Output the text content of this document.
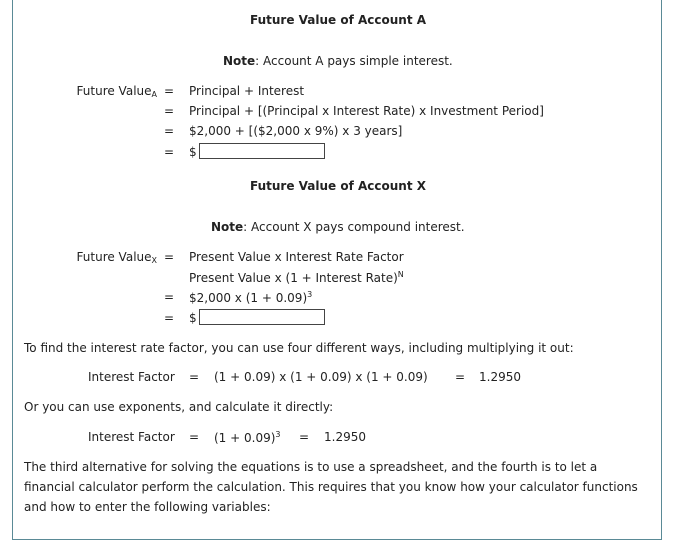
Future Value of Account A
Note: Account A pays simple interest.
Future Value$_A$ = Principal + Interest
= Principal + [(Principal x Interest Rate) x Investment Period]
= $2,000 + [($2,000 x 9%) x 3 years]
= $
Future Value of Account X
Note: Account X pays compound interest.
Future Value$_X$ = Present Value x Interest Rate Factor
Present Value x (1 + Interest Rate)$^N$
= $2,000 x $(1 + 0.09)^3$
= $
To find the interest rate factor, you can use four different ways, including multiplying it out:
Interest Factor = (1 + 0.09) x (1 + 0.09) x (1 + 0.09) = 1.2950
Or you can use exponents, and calculate it directly:
Interest Factor = $(1 + 0.09)^3 = 1.2950$
The third alternative for solving the equations is to use a spreadsheet, and the fourth is to let a financial calculator perform the calculation. This requires that you know how your calculator functions and how to enter the following variables:
